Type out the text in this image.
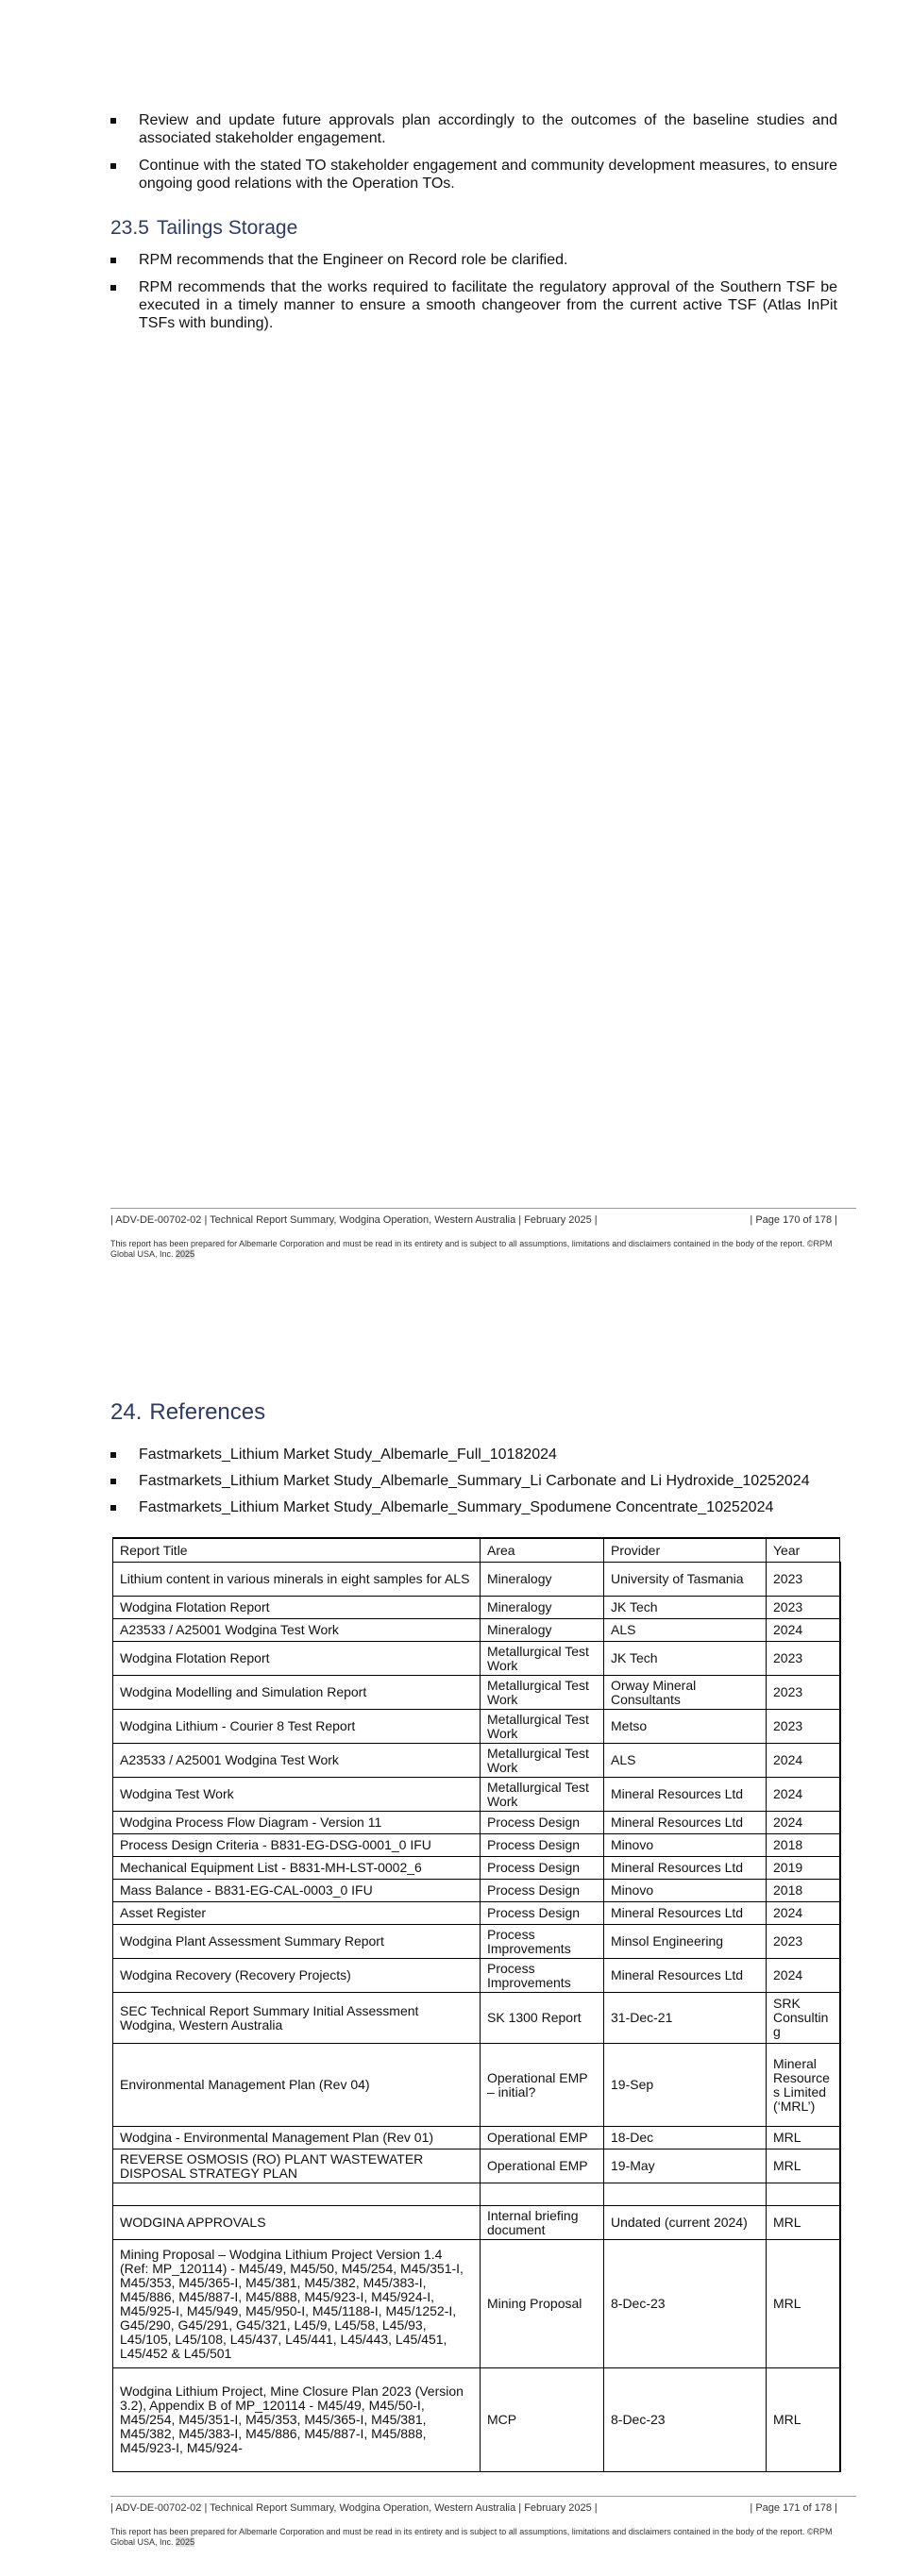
Review and update future approvals plan accordingly to the outcomes of the baseline studies and associated stakeholder engagement.
Continue with the stated TO stakeholder engagement and community development measures, to ensure ongoing good relations with the Operation TOs.
23.5 Tailings Storage
RPM recommends that the Engineer on Record role be clarified.
RPM recommends that the works required to facilitate the regulatory approval of the Southern TSF be executed in a timely manner to ensure a smooth changeover from the current active TSF (Atlas InPit TSFs with bunding).
| ADV-DE-00702-02 | Technical Report Summary, Wodgina Operation, Western Australia | February 2025 |	| Page 170 of 178 |
This report has been prepared for Albemarle Corporation and must be read in its entirety and is subject to all assumptions, limitations and disclaimers contained in the body of the report. ©RPM Global USA, Inc. 2025
24. References
Fastmarkets_Lithium Market Study_Albemarle_Full_10182024
Fastmarkets_Lithium Market Study_Albemarle_Summary_Li Carbonate and Li Hydroxide_10252024
Fastmarkets_Lithium Market Study_Albemarle_Summary_Spodumene Concentrate_10252024
Report Title	Area	Provider	Year
Lithium content in various minerals in eight samples for ALS	Mineralogy	University of Tasmania	2023
Wodgina Flotation Report	Mineralogy	JK Tech	2023
A23533 / A25001 Wodgina Test Work	Mineralogy	ALS	2024
Wodgina Flotation Report	Metallurgical Test Work	JK Tech	2023
Wodgina Modelling and Simulation Report	Metallurgical Test Work	Orway Mineral Consultants	2023
Wodgina Lithium - Courier 8 Test Report	Metallurgical Test Work	Metso	2023
A23533 / A25001 Wodgina Test Work	Metallurgical Test Work	ALS	2024
Wodgina Test Work	Metallurgical Test Work	Mineral Resources Ltd	2024
Wodgina Process Flow Diagram - Version 11	Process Design	Mineral Resources Ltd	2024
Process Design Criteria - B831-EG-DSG-0001_0 IFU	Process Design	Minovo	2018
Mechanical Equipment List - B831-MH-LST-0002_6	Process Design	Mineral Resources Ltd	2019
Mass Balance - B831-EG-CAL-0003_0 IFU	Process Design	Minovo	2018
Asset Register	Process Design	Mineral Resources Ltd	2024
Wodgina Plant Assessment Summary Report	Process Improvements	Minsol Engineering	2023
Wodgina Recovery (Recovery Projects)	Process Improvements	Mineral Resources Ltd	2024
SEC Technical Report Summary Initial Assessment Wodgina, Western Australia	SK 1300 Report	31-Dec-21	SRK Consulting
Environmental Management Plan (Rev 04)	Operational EMP – initial?	19-Sep	Mineral Resources Limited (‘MRL’)
Wodgina - Environmental Management Plan (Rev 01)	Operational EMP	18-Dec	MRL
REVERSE OSMOSIS (RO) PLANT WASTEWATER DISPOSAL STRATEGY PLAN	Operational EMP	19-May	MRL

WODGINA APPROVALS	Internal briefing document	Undated (current 2024)	MRL
Mining Proposal – Wodgina Lithium Project Version 1.4 (Ref: MP_120114) - M45/49, M45/50, M45/254, M45/351-I, M45/353, M45/365-I, M45/381, M45/382, M45/383-I, M45/886, M45/887-I, M45/888, M45/923-I, M45/924-I, M45/925-I, M45/949, M45/950-I, M45/1188-I, M45/1252-I, G45/290, G45/291, G45/321, L45/9, L45/58, L45/93, L45/105, L45/108, L45/437, L45/441, L45/443, L45/451, L45/452 & L45/501	Mining Proposal	8-Dec-23	MRL
Wodgina Lithium Project, Mine Closure Plan 2023 (Version 3.2), Appendix B of MP_120114 - M45/49, M45/50-I, M45/254, M45/351-I, M45/353, M45/365-I, M45/381,
M45/382, M45/383-I, M45/886, M45/887-I, M45/888, M45/923-I, M45/924-	MCP	8-Dec-23	MRL
| ADV-DE-00702-02 | Technical Report Summary, Wodgina Operation, Western Australia | February 2025 |	| Page 171 of 178 |
This report has been prepared for Albemarle Corporation and must be read in its entirety and is subject to all assumptions, limitations and disclaimers contained in the body of the report. ©RPM Global USA, Inc. 2025
